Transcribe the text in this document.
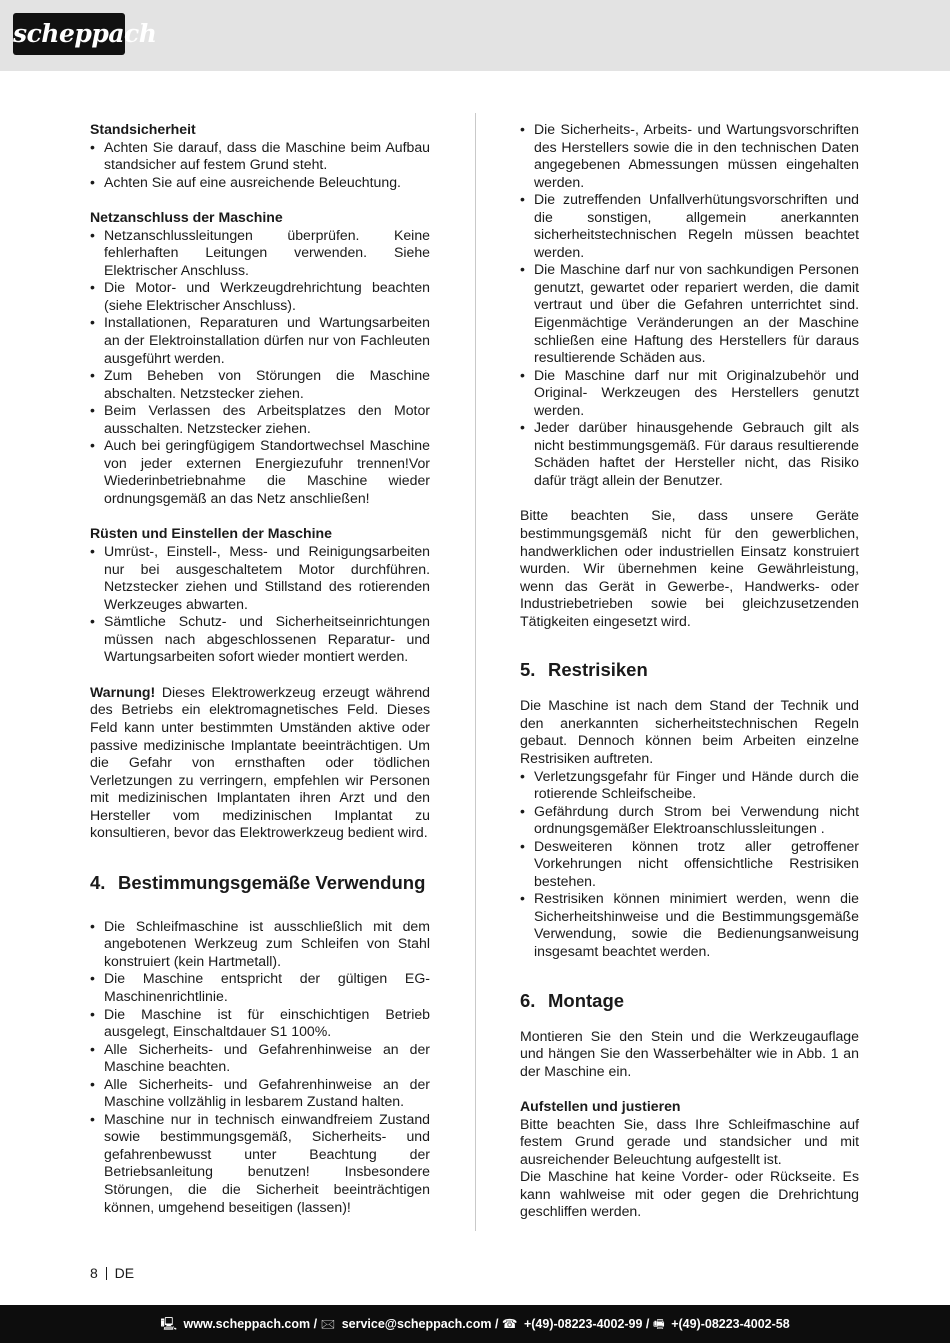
scheppach
Standsicherheit
• Achten Sie darauf, dass die Maschine beim Aufbau standsicher auf festem Grund steht.
• Achten Sie auf eine ausreichende Beleuchtung.
Netzanschluss der Maschine
• Netzanschlussleitungen überprüfen. Keine fehlerhaften Leitungen verwenden. Siehe Elektrischer Anschluss.
• Die Motor- und Werkzeugdrehrichtung beachten (siehe Elektrischer Anschluss).
• Installationen, Reparaturen und Wartungsarbeiten an der Elektroinstallation dürfen nur von Fachleuten ausgeführt werden.
• Zum Beheben von Störungen die Maschine abschalten. Netzstecker ziehen.
• Beim Verlassen des Arbeitsplatzes den Motor ausschalten. Netzstecker ziehen.
• Auch bei geringfügigem Standortwechsel Maschine von jeder externen Energiezufuhr trennen!Vor Wiederinbetriebnahme die Maschine wieder ordnungsgemäß an das Netz anschließen!
Rüsten und Einstellen der Maschine
• Umrüst-, Einstell-, Mess- und Reinigungsarbeiten nur bei ausgeschaltetem Motor durchführen. Netzstecker ziehen und Stillstand des rotierenden Werkzeuges abwarten.
• Sämtliche Schutz- und Sicherheitseinrichtungen müssen nach abgeschlossenen Reparatur- und Wartungsarbeiten sofort wieder montiert werden.

Warnung! Dieses Elektrowerkzeug erzeugt während des Betriebs ein elektromagnetisches Feld. Dieses Feld kann unter bestimmten Umständen aktive oder passive medizinische Implantate beeinträchtigen. Um die Gefahr von ernsthaften oder tödlichen Verletzungen zu verringern, empfehlen wir Personen mit medizinischen Implantaten ihren Arzt und den Hersteller vom medizinischen Implantat zu konsultieren, bevor das Elektrowerkzeug bedient wird.

4. Bestimmungsgemäße Verwendung
• Die Schleifmaschine ist ausschließlich mit dem angebotenen Werkzeug zum Schleifen von Stahl konstruiert (kein Hartmetall).
• Die Maschine entspricht der gültigen EG-Maschinenrichtlinie.
• Die Maschine ist für einschichtigen Betrieb ausgelegt, Einschaltdauer S1 100%.
• Alle Sicherheits- und Gefahrenhinweise an der Maschine beachten.
• Alle Sicherheits- und Gefahrenhinweise an der Maschine vollzählig in lesbarem Zustand halten.
• Maschine nur in technisch einwandfreiem Zustand sowie bestimmungsgemäß, Sicherheits- und gefahrenbewusst unter Beachtung der Betriebsanleitung benutzen! Insbesondere Störungen, die die Sicherheit beeinträchtigen können, umgehend beseitigen (lassen)!
• Die Sicherheits-, Arbeits- und Wartungsvorschriften des Herstellers sowie die in den technischen Daten angegebenen Abmessungen müssen eingehalten werden.
• Die zutreffenden Unfallverhütungsvorschriften und die sonstigen, allgemein anerkannten sicherheitstechnischen Regeln müssen beachtet werden.
• Die Maschine darf nur von sachkundigen Personen genutzt, gewartet oder repariert werden, die damit vertraut und über die Gefahren unterrichtet sind. Eigenmächtige Veränderungen an der Maschine schließen eine Haftung des Herstellers für daraus resultierende Schäden aus.
• Die Maschine darf nur mit Originalzubehör und Original- Werkzeugen des Herstellers genutzt werden.
• Jeder darüber hinausgehende Gebrauch gilt als nicht bestimmungsgemäß. Für daraus resultierende Schäden haftet der Hersteller nicht, das Risiko dafür trägt allein der Benutzer.

Bitte beachten Sie, dass unsere Geräte bestimmungsgemäß nicht für den gewerblichen, handwerklichen oder industriellen Einsatz konstruiert wurden. Wir übernehmen keine Gewährleistung, wenn das Gerät in Gewerbe-, Handwerks- oder Industriebetrieben sowie bei gleichzusetzenden Tätigkeiten eingesetzt wird.

5. Restrisiken

Die Maschine ist nach dem Stand der Technik und den anerkannten sicherheitstechnischen Regeln gebaut. Dennoch können beim Arbeiten einzelne Restrisiken auftreten.

• Verletzungsgefahr für Finger und Hände durch die rotierende Schleifscheibe.
• Gefährdung durch Strom bei Verwendung nicht ordnungsgemäßer Elektroanschlussleitungen .
• Desweiteren können trotz aller getroffener Vorkehrungen nicht offensichtliche Restrisiken bestehen.
• Restrisiken können minimiert werden, wenn die Sicherheitshinweise und die Bestimmungsgemäße Verwendung, sowie die Bedienungsanweisung insgesamt beachtet werden.
6. Montage

Montieren Sie den Stein und die Werkzeugauflage und hängen Sie den Wasserbehälter wie in Abb. 1 an der Maschine ein.

Aufstellen und justieren

Bitte beachten Sie, dass Ihre Schleifmaschine auf festem Grund gerade und standsicher und mit ausreichender Beleuchtung aufgestellt ist.

Die Maschine hat keine Vorder- oder Rückseite. Es kann wahlweise mit oder gegen die Drehrichtung geschliffen werden.

8 DE
🖳 www.scheppach.com / 🖂 service@scheppach.com / ☎ +(49)-08223-4002-99 / 🖷 +(49)-08223-4002-58
